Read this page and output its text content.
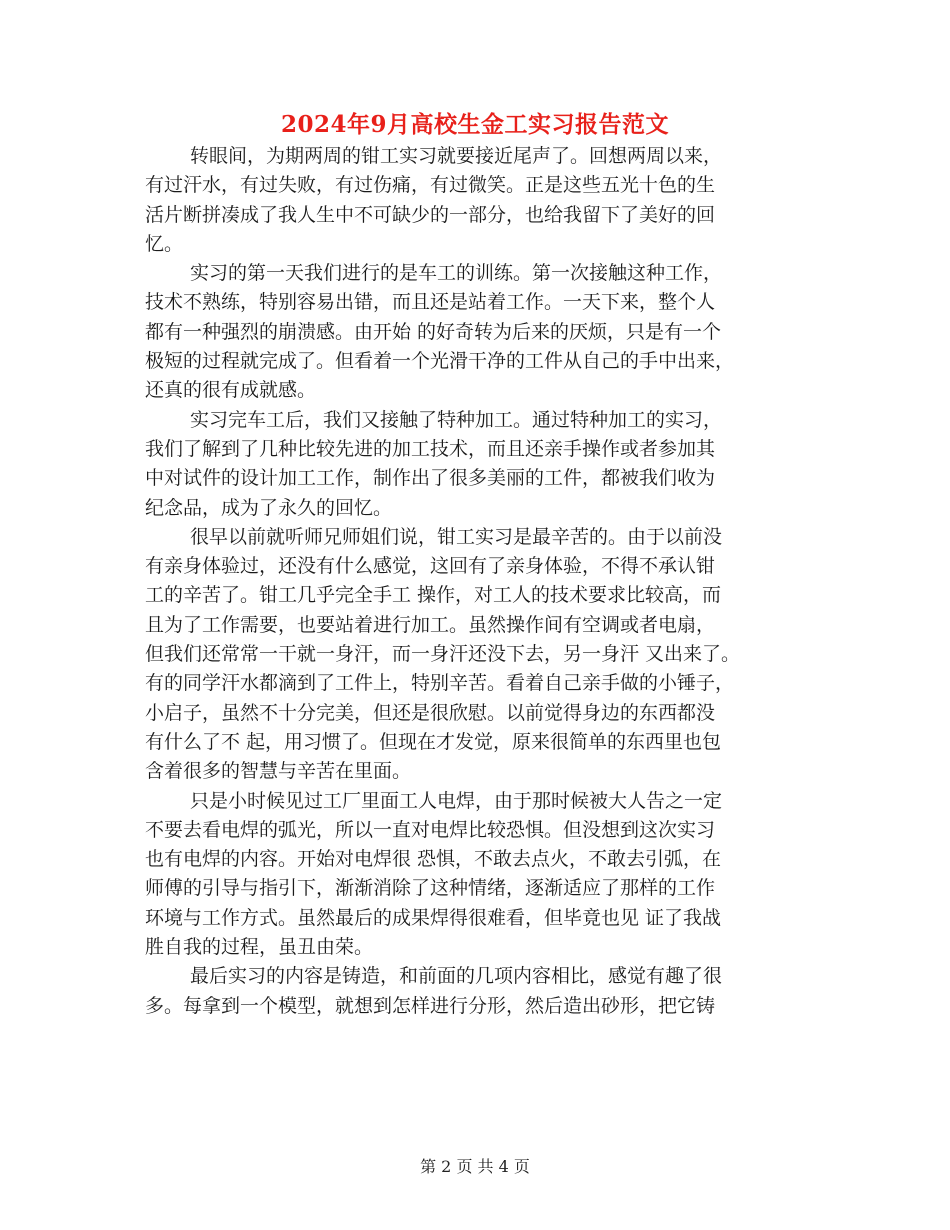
2024年9月高校生金工实习报告范文
转眼间，为期两周的钳工实习就要接近尾声了。回想两周以来，
有过汗水，有过失败，有过伤痛，有过微笑。正是这些五光十色的生
活片断拼凑成了我人生中不可缺少的一部分，也给我留下了美好的回
忆。
实习的第一天我们进行的是车工的训练。第一次接触这种工作，
技术不熟练，特别容易出错，而且还是站着工作。一天下来，整个人
都有一种强烈的崩溃感。由开始 的好奇转为后来的厌烦，只是有一个
极短的过程就完成了。但看着一个光滑干净的工件从自己的手中出来，
还真的很有成就感。
实习完车工后，我们又接触了特种加工。通过特种加工的实习，
我们了解到了几种比较先进的加工技术，而且还亲手操作或者参加其
中对试件的设计加工工作，制作出了很多美丽的工件，都被我们收为
纪念品，成为了永久的回忆。
很早以前就听师兄师姐们说，钳工实习是最辛苦的。由于以前没
有亲身体验过，还没有什么感觉，这回有了亲身体验，不得不承认钳
工的辛苦了。钳工几乎完全手工 操作，对工人的技术要求比较高，而
且为了工作需要，也要站着进行加工。虽然操作间有空调或者电扇，
但我们还常常一干就一身汗，而一身汗还没下去，另一身汗 又出来了。
有的同学汗水都滴到了工件上，特别辛苦。看着自己亲手做的小锤子，
小启子，虽然不十分完美，但还是很欣慰。以前觉得身边的东西都没
有什么了不 起，用习惯了。但现在才发觉，原来很简单的东西里也包
含着很多的智慧与辛苦在里面。
只是小时候见过工厂里面工人电焊，由于那时候被大人告之一定
不要去看电焊的弧光，所以一直对电焊比较恐惧。但没想到这次实习
也有电焊的内容。开始对电焊很 恐惧，不敢去点火，不敢去引弧，在
师傅的引导与指引下，渐渐消除了这种情绪，逐渐适应了那样的工作
环境与工作方式。虽然最后的成果焊得很难看，但毕竟也见 证了我战
胜自我的过程，虽丑由荣。
最后实习的内容是铸造，和前面的几项内容相比，感觉有趣了很
多。每拿到一个模型，就想到怎样进行分形，然后造出砂形，把它铸
第 2 页 共 4 页
